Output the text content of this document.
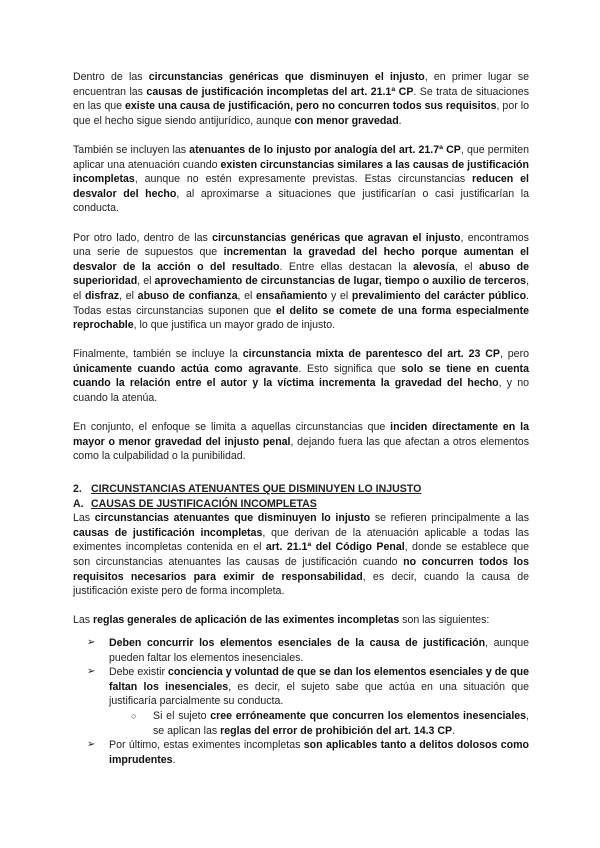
Dentro de las circunstancias genéricas que disminuyen el injusto, en primer lugar se encuentran las causas de justificación incompletas del art. 21.1ª CP. Se trata de situaciones en las que existe una causa de justificación, pero no concurren todos sus requisitos, por lo que el hecho sigue siendo antijurídico, aunque con menor gravedad.

También se incluyen las atenuantes de lo injusto por analogía del art. 21.7ª CP, que permiten aplicar una atenuación cuando existen circunstancias similares a las causas de justificación incompletas, aunque no estén expresamente previstas. Estas circunstancias reducen el desvalor del hecho, al aproximarse a situaciones que justificarían o casi justificarían la conducta.

Por otro lado, dentro de las circunstancias genéricas que agravan el injusto, encontramos una serie de supuestos que incrementan la gravedad del hecho porque aumentan el desvalor de la acción o del resultado. Entre ellas destacan la alevosía, el abuso de superioridad, el aprovechamiento de circunstancias de lugar, tiempo o auxilio de terceros, el disfraz, el abuso de confianza, el ensañamiento y el prevalimiento del carácter público. Todas estas circunstancias suponen que el delito se comete de una forma especialmente reprochable, lo que justifica un mayor grado de injusto.

Finalmente, también se incluye la circunstancia mixta de parentesco del art. 23 CP, pero únicamente cuando actúa como agravante. Esto significa que solo se tiene en cuenta cuando la relación entre el autor y la víctima incrementa la gravedad del hecho, y no cuando la atenúa.

En conjunto, el enfoque se limita a aquellas circunstancias que inciden directamente en la mayor o menor gravedad del injusto penal, dejando fuera las que afectan a otros elementos como la culpabilidad o la punibilidad.

2. CIRCUNSTANCIAS ATENUANTES QUE DISMINUYEN LO INJUSTO
A. CAUSAS DE JUSTIFICACIÓN INCOMPLETAS

Las circunstancias atenuantes que disminuyen lo injusto se refieren principalmente a las causas de justificación incompletas, que derivan de la atenuación aplicable a todas las eximentes incompletas contenida en el art. 21.1ª del Código Penal, donde se establece que son circunstancias atenuantes las causas de justificación cuando no concurren todos los requisitos necesarios para eximir de responsabilidad, es decir, cuando la causa de justificación existe pero de forma incompleta.

Las reglas generales de aplicación de las eximentes incompletas son las siguientes:

➢ Deben concurrir los elementos esenciales de la causa de justificación, aunque pueden faltar los elementos inesenciales.
➢ Debe existir conciencia y voluntad de que se dan los elementos esenciales y de que faltan los inesenciales, es decir, el sujeto sabe que actúa en una situación que justificaría parcialmente su conducta.
○ Si el sujeto cree erróneamente que concurren los elementos inesenciales, se aplican las reglas del error de prohibición del art. 14.3 CP.
➢ Por último, estas eximentes incompletas son aplicables tanto a delitos dolosos como imprudentes.
